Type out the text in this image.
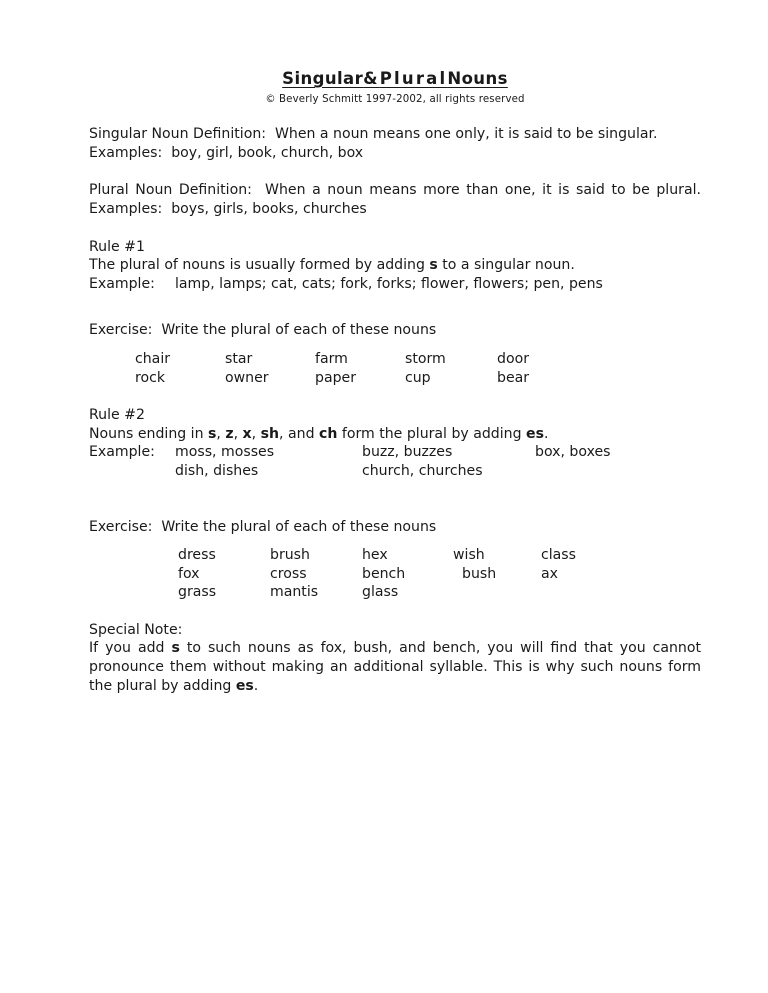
Singular&PluralNouns
© Beverly Schmitt 1997-2002, all rights reserved
Singular Noun Definition:  When a noun means one only, it is said to be singular.
Examples:  boy, girl, book, church, box
Plural Noun Definition:  When a noun means more than one, it is said to be plural.  Examples:  boys, girls, books, churches
Rule #1
The plural of nouns is usually formed by adding s to a singular noun.
Example: lamp, lamps; cat, cats; fork, forks; flower, flowers; pen, pens
Exercise:  Write the plural of each of these nouns
chair	star	farm	storm	door
rock	owner	paper	cup	bear
Rule #2
Nouns ending in s, z, x, sh, and ch form the plural by adding es.
Example: moss, mosses	buzz, buzzes	box, boxes
dish, dishes	church, churches
Exercise:  Write the plural of each of these nouns
dress	brush	hex	wish	class
fox	cross	bench	bush	ax
grass	mantis	glass
Special Note:
If you add s to such nouns as fox, bush, and bench, you will find that you cannot pronounce them without making an additional syllable. This is why such nouns form the plural by adding es.
